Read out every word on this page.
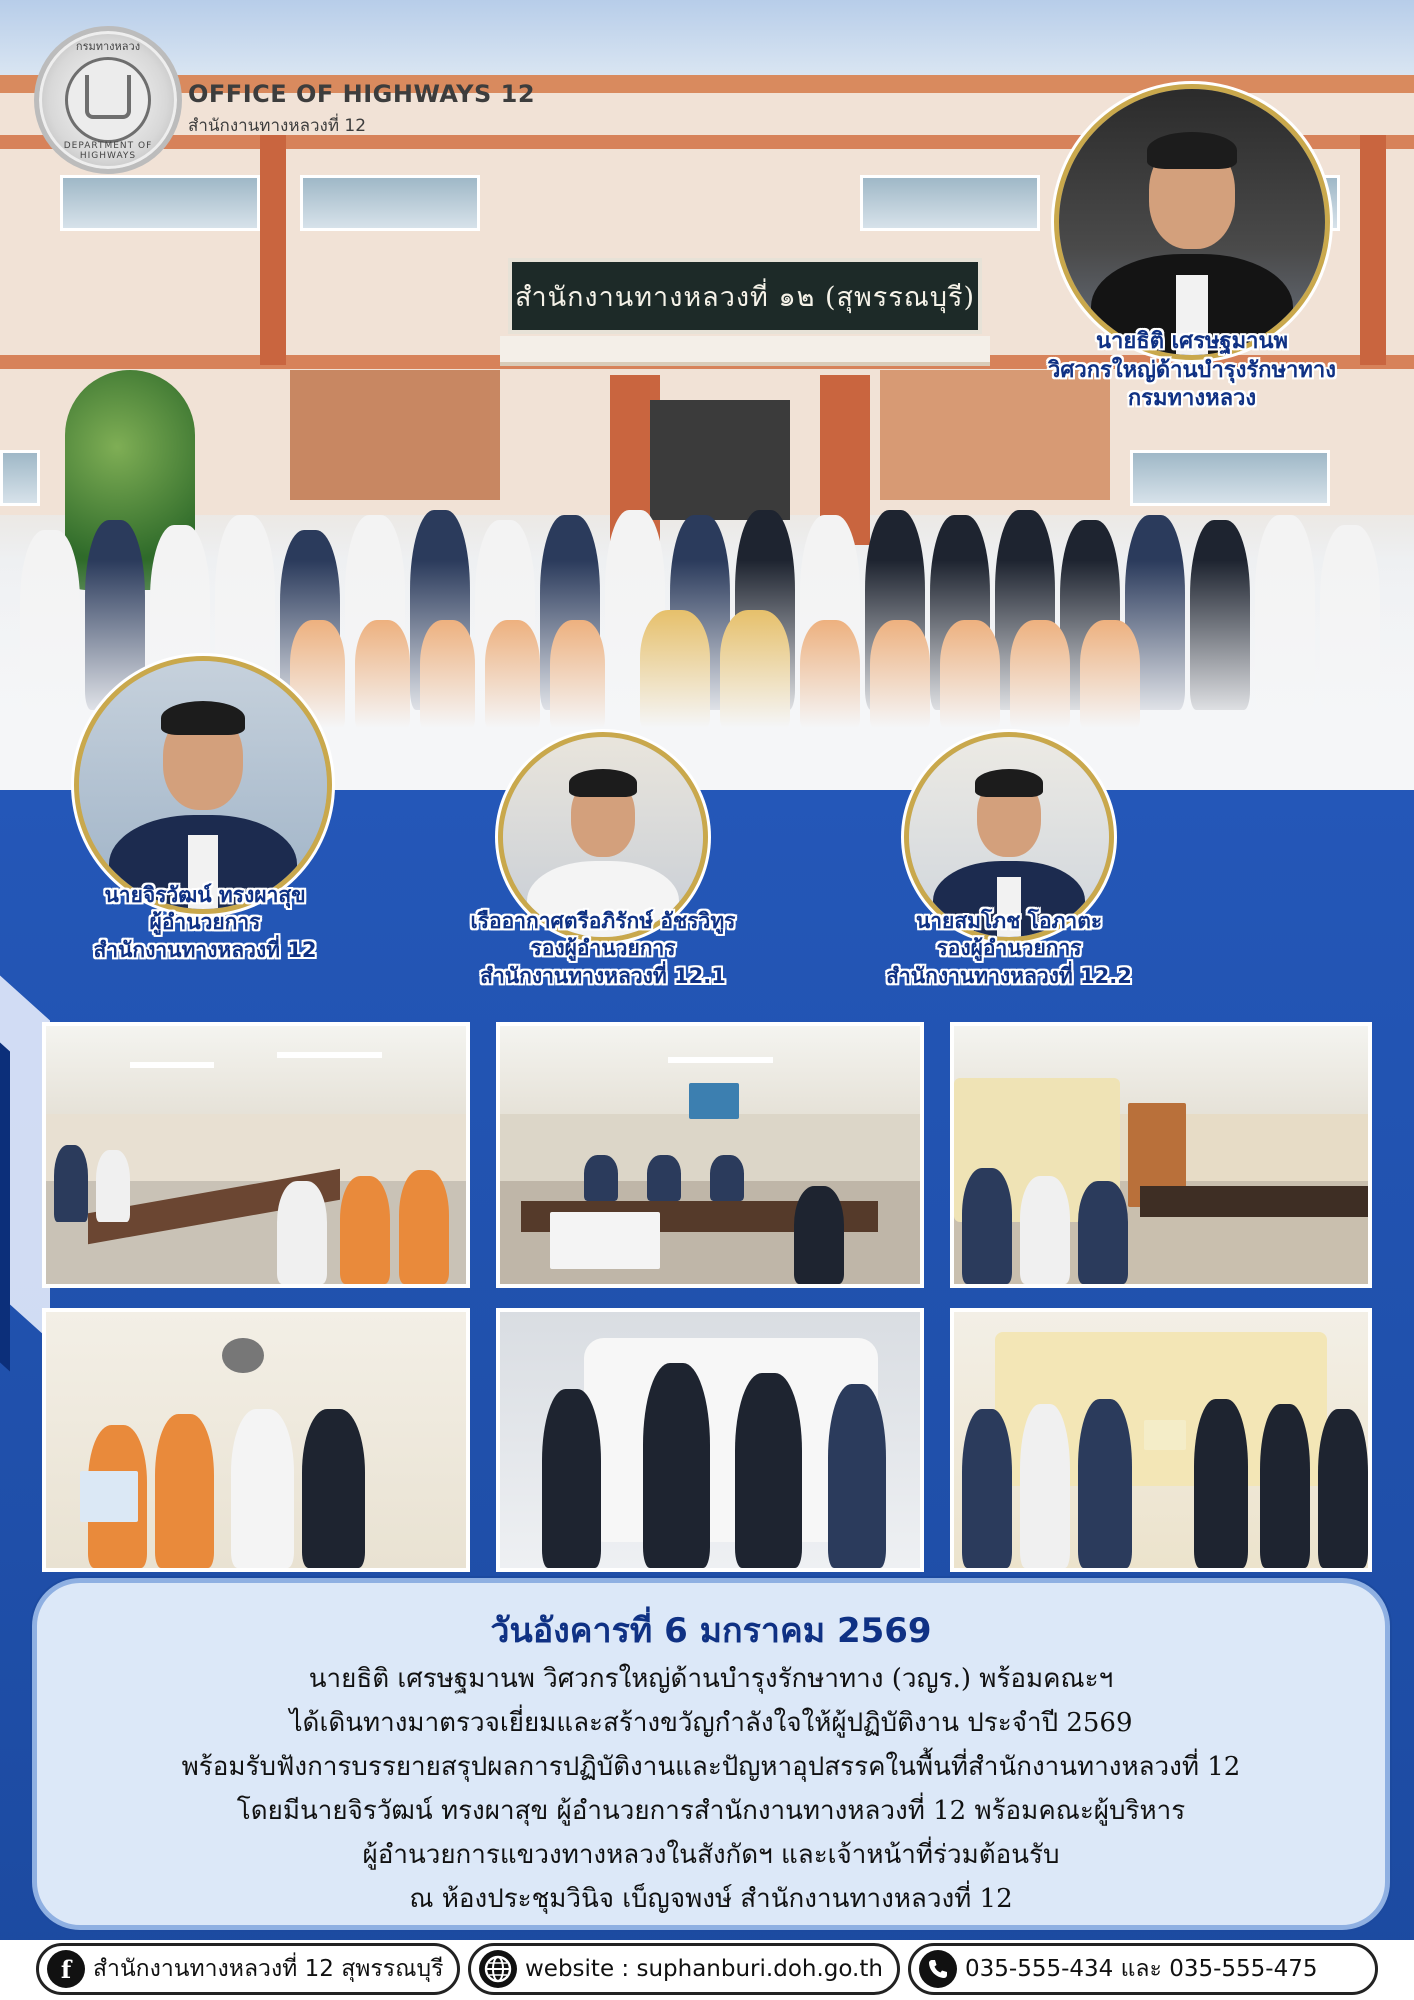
สำนักงานทางหลวงที่ ๑๒ (สุพรรณบุรี)
กรมทางหลวง
DEPARTMENT OF HIGHWAYS
OFFICE OF HIGHWAYS 12
สำนักงานทางหลวงที่ 12
นายธิติ เศรษฐมานพ
วิศวกรใหญ่ด้านบำรุงรักษาทาง
กรมทางหลวง
นายจิรวัฒน์ ทรงผาสุข
ผู้อำนวยการ
สำนักงานทางหลวงที่ 12
เรืออากาศตรีอภิรักษ์ อัชรวิทูร
รองผู้อำนวยการ
สำนักงานทางหลวงที่ 12.1
นายสมโภช โอภาตะ
รองผู้อำนวยการ
สำนักงานทางหลวงที่ 12.2
วันอังคารที่ 6 มกราคม 2569
นายธิติ เศรษฐมานพ วิศวกรใหญ่ด้านบำรุงรักษาทาง (วญร.) พร้อมคณะฯ
ได้เดินทางมาตรวจเยี่ยมและสร้างขวัญกำลังใจให้ผู้ปฏิบัติงาน ประจำปี 2569
พร้อมรับฟังการบรรยายสรุปผลการปฏิบัติงานและปัญหาอุปสรรคในพื้นที่สำนักงานทางหลวงที่ 12
โดยมีนายจิรวัฒน์ ทรงผาสุข ผู้อำนวยการสำนักงานทางหลวงที่ 12 พร้อมคณะผู้บริหาร
ผู้อำนวยการแขวงทางหลวงในสังกัดฯ และเจ้าหน้าที่ร่วมต้อนรับ
ณ ห้องประชุมวินิจ เบ็ญจพงษ์ สำนักงานทางหลวงที่ 12
f สำนักงานทางหลวงที่ 12 สุพรรณบุรี	website : suphanburi.doh.go.th	035-555-434 และ 035-555-475
